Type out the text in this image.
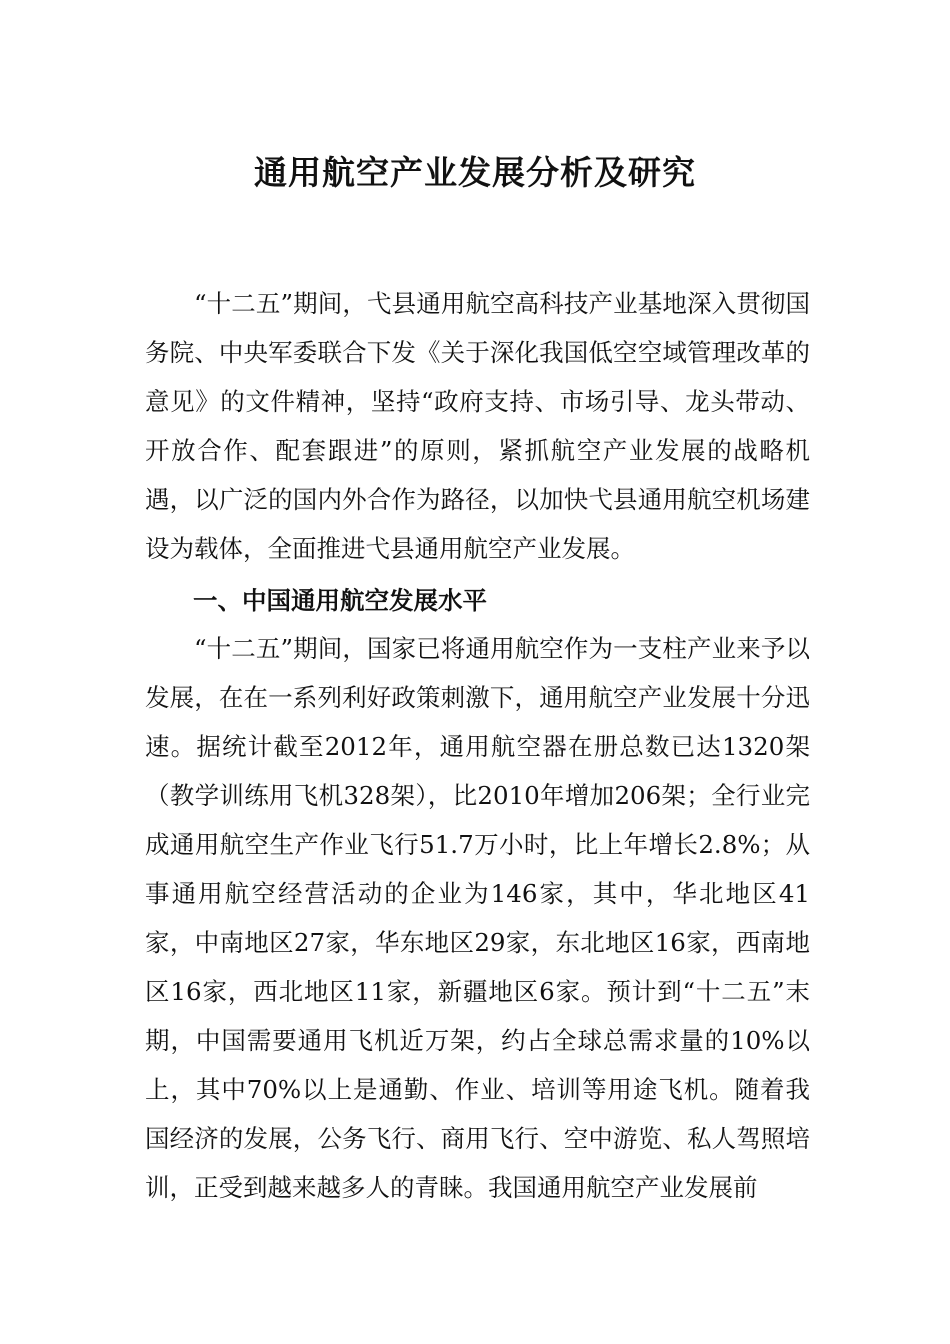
通用航空产业发展分析及研究

“十二五”期间，弋县通用航空高科技产业基地深入贯彻国务院、中央军委联合下发《关于深化我国低空空域管理改革的意见》的文件精神，坚持“政府支持、市场引导、龙头带动、开放合作、配套跟进”的原则，紧抓航空产业发展的战略机遇，以广泛的国内外合作为路径，以加快弋县通用航空机场建设为载体，全面推进弋县通用航空产业发展。

一、中国通用航空发展水平

“十二五”期间，国家已将通用航空作为一支柱产业来予以发展，在在一系列利好政策刺激下，通用航空产业发展十分迅速。据统计截至2012年，通用航空器在册总数已达1320架（教学训练用飞机328架），比2010年增加206架；全行业完成通用航空生产作业飞行51.7万小时，比上年增长2.8%；从事通用航空经营活动的企业为146家，其中，华北地区41家，中南地区27家，华东地区29家，东北地区16家，西南地区16家，西北地区11家，新疆地区6家。预计到“十二五”末期，中国需要通用飞机近万架，约占全球总需求量的10%以上，其中70%以上是通勤、作业、培训等用途飞机。随着我国经济的发展，公务飞行、商用飞行、空中游览、私人驾照培训，正受到越来越多人的青睐。我国通用航空产业发展前
